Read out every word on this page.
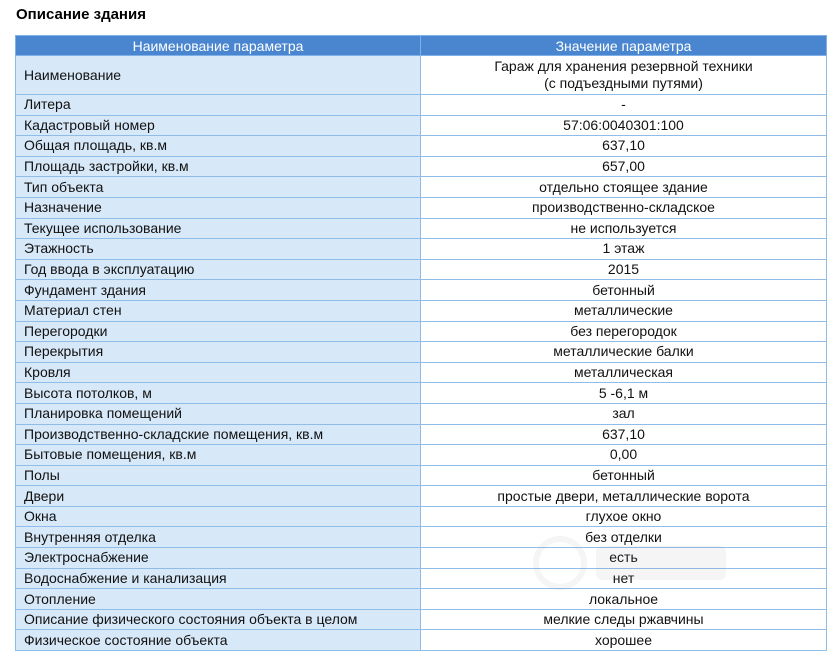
Описание здания
Наименование параметра	Значение параметра
Наименование	Гараж для хранения резервной техники
(с подъездными путями)

Литера	-
Кадастровый номер	57:06:0040301:100
Общая площадь, кв.м	637,10
Площадь застройки, кв.м	657,00
Тип объекта	отдельно стоящее здание
Назначение	производственно-складское
Текущее использование	не используется
Этажность	1 этаж
Год ввода в эксплуатацию	2015
Фундамент здания	бетонный
Материал стен	металлические
Перегородки	без перегородок
Перекрытия	металлические балки
Кровля	металлическая
Высота потолков, м	5 -6,1 м
Планировка помещений	зал
Производственно-складские помещения, кв.м	637,10
Бытовые помещения, кв.м	0,00
Полы	бетонный
Двери	простые двери, металлические ворота
Окна	глухое окно
Внутренняя отделка	без отделки
Электроснабжение	есть
Водоснабжение и канализация	нет
Отопление	локальное
Описание физического состояния объекта в целом	мелкие следы ржавчины
Физическое состояние объекта	хорошее
